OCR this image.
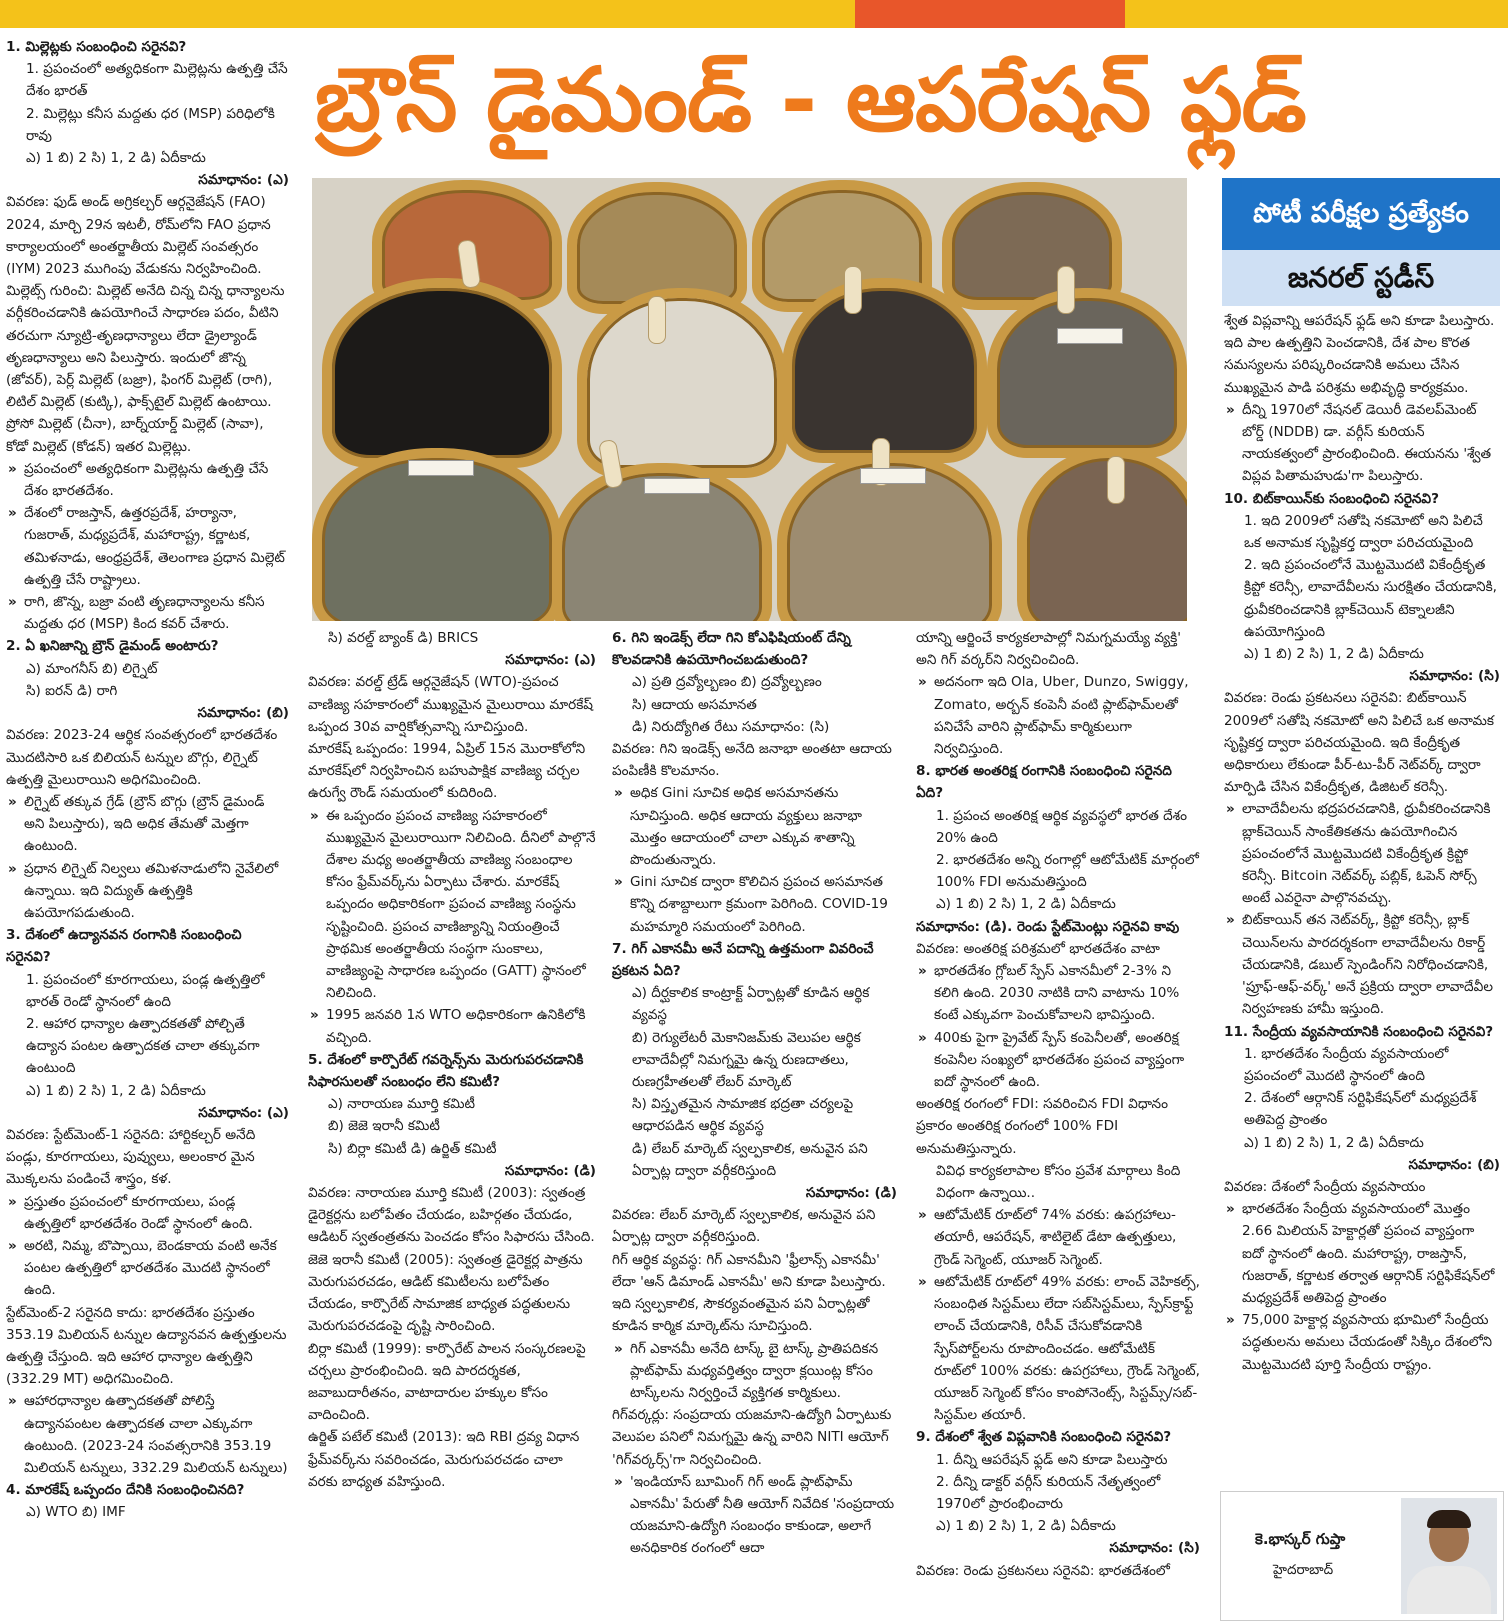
బ్రౌన్ డైమండ్ - ఆపరేషన్ ఫ్లడ్

1. మిల్లెట్లకు సంబంధించి సరైనవి?

1. ప్రపంచంలో అత్యధికంగా మిల్లెట్లను ఉత్పత్తి చేసే దేశం భారత్

2. మిల్లెట్లు కనీస మద్దతు ధర (MSP) పరిధిలోకి రావు

ఎ) 1 బి) 2 సి) 1, 2 డి) ఏదీకాదు

సమాధానం: (ఎ)

వివరణ: ఫుడ్ అండ్ అగ్రికల్చర్ ఆర్గనైజేషన్ (FAO) 2024, మార్చి 29న ఇటలీ, రోమ్‌లోని FAO ప్రధాన కార్యాలయంలో అంతర్జాతీయ మిల్లెట్ సంవత్సరం (IYM) 2023 ముగింపు వేడుకను నిర్వహించింది.

మిల్లెట్స్ గురించి: మిల్లెట్ అనేది చిన్న చిన్న ధాన్యాలను వర్గీకరించడానికి ఉపయోగించే సాధారణ పదం, వీటిని తరచుగా న్యూట్రి-తృణధాన్యాలు లేదా డ్రైల్యాండ్ తృణధాన్యాలు అని పిలుస్తారు. ఇందులో జొన్న (జోవర్), పెర్ల్ మిల్లెట్ (బజ్రా), ఫింగర్ మిల్లెట్ (రాగి), లిటిల్ మిల్లెట్ (కుట్కి), ఫాక్స్‌టైల్ మిల్లెట్ ఉంటాయి. ప్రోసో మిల్లెట్ (చీనా), బార్న్‌యార్డ్ మిల్లెట్ (సావా), కోడో మిల్లెట్ (కోడన్) ఇతర మిల్లెట్లు.

» ప్రపంచంలో అత్యధికంగా మిల్లెట్లను ఉత్పత్తి చేసే దేశం భారతదేశం.

» దేశంలో రాజస్తాన్, ఉత్తరప్రదేశ్, హర్యానా, గుజరాత్, మధ్యప్రదేశ్, మహారాష్ట్ర, కర్ణాటక, తమిళనాడు, ఆంధ్రప్రదేశ్, తెలంగాణ ప్రధాన మిల్లెట్ ఉత్పత్తి చేసే రాష్ట్రాలు.

» రాగి, జొన్న, బజ్రా వంటి తృణధాన్యాలను కనీస మద్దతు ధర (MSP) కింద కవర్ చేశారు.

2. ఏ ఖనిజాన్ని బ్రౌన్ డైమండ్ అంటారు?

ఎ) మాంగనీస్ బి) లిగ్నైట్

సి) ఐరన్ డి) రాగి

సమాధానం: (బి)

వివరణ: 2023-24 ఆర్థిక సంవత్సరంలో భారతదేశం మొదటిసారి ఒక బిలియన్ టన్నుల బొగ్గు, లిగ్నైట్ ఉత్పత్తి మైలురాయిని అధిగమించింది.

» లిగ్నైట్ తక్కువ గ్రేడ్ (బ్రౌన్ బొగ్గు (బ్రౌన్ డైమండ్ అని పిలుస్తారు), ఇది అధిక తేమతో మెత్తగా ఉంటుంది.

» ప్రధాన లిగ్నైట్ నిల్వలు తమిళనాడులోని నైవేలిలో ఉన్నాయి. ఇది విద్యుత్ ఉత్పత్తికి ఉపయోగపడుతుంది.

3. దేశంలో ఉద్యానవన రంగానికి సంబంధించి సరైనవి?

1. ప్రపంచంలో కూరగాయలు, పండ్ల ఉత్పత్తిలో భారత్ రెండో స్థానంలో ఉంది

2. ఆహార ధాన్యాల ఉత్పాదకతతో పోల్చితే ఉద్యాన పంటల ఉత్పాదకత చాలా తక్కువగా ఉంటుంది

ఎ) 1 బి) 2 సి) 1, 2 డి) ఏదీకాదు

సమాధానం: (ఎ)

వివరణ: స్టేట్‌మెంట్-1 సరైనది: హార్టికల్చర్ అనేది పండ్లు, కూరగాయలు, పువ్వులు, అలంకార మైన మొక్కలను పండించే శాస్త్రం, కళ.

» ప్రస్తుతం ప్రపంచంలో కూరగాయలు, పండ్ల ఉత్పత్తిలో భారతదేశం రెండో స్థానంలో ఉంది.

» అరటి, నిమ్మ, బొప్పాయి, బెండకాయ వంటి అనేక పంటల ఉత్పత్తిలో భారతదేశం మొదటి స్థానంలో ఉంది.

స్టేట్‌మెంట్-2 సరైనది కాదు: భారతదేశం ప్రస్తుతం 353.19 మిలియన్ టన్నుల ఉద్యానవన ఉత్పత్తులను ఉత్పత్తి చేస్తుంది. ఇది ఆహార ధాన్యాల ఉత్పత్తిని (332.29 MT) అధిగమించింది.

» ఆహారధాన్యాల ఉత్పాదకతతో పోలిస్తే ఉద్యానపంటల ఉత్పాదకత చాలా ఎక్కువగా ఉంటుంది. (2023-24 సంవత్సరానికి 353.19 మిలియన్ టన్నులు, 332.29 మిలియన్ టన్నులు)

4. మారకేష్ ఒప్పందం దేనికి సంబంధించినది?

ఎ) WTO బి) IMF

సి) వరల్డ్ బ్యాంక్ డి) BRICS

సమాధానం: (ఎ)

వివరణ: వరల్డ్ ట్రేడ్ ఆర్గనైజేషన్ (WTO)-ప్రపంచ వాణిజ్య సహకారంలో ముఖ్యమైన మైలురాయి మారకేష్ ఒప్పంద 30వ వార్షికోత్సవాన్ని సూచిస్తుంది.

మారకేష్ ఒప్పందం: 1994, ఏప్రిల్ 15న మొరాకోలోని మారకేష్‌లో నిర్వహించిన బహుపాక్షిక వాణిజ్య చర్చల ఉరుగ్వే రౌండ్ సమయంలో కుదిరింది.

» ఈ ఒప్పందం ప్రపంచ వాణిజ్య సహకారంలో ముఖ్యమైన మైలురాయిగా నిలిచింది. దీనిలో పాల్గొనే దేశాల మధ్య అంతర్జాతీయ వాణిజ్య సంబంధాల కోసం ఫ్రేమ్‌వర్క్‌ను ఏర్పాటు చేశారు. మారకేష్ ఒప్పందం అధికారికంగా ప్రపంచ వాణిజ్య సంస్థను సృష్టించింది. ప్రపంచ వాణిజ్యాన్ని నియంత్రించే ప్రాథమిక అంతర్జాతీయ సంస్థగా సుంకాలు, వాణిజ్యంపై సాధారణ ఒప్పందం (GATT) స్థానంలో నిలిచింది.

» 1995 జనవరి 1న WTO అధికారికంగా ఉనికిలోకి వచ్చింది.

5. దేశంలో కార్పొరేట్ గవర్నెన్స్‌ను మెరుగుపరచడానికి సిఫారసులతో సంబంధం లేని కమిటీ?

ఎ) నారాయణ మూర్తి కమిటీ

బి) జెజె ఇరానీ కమిటీ

సి) బిర్లా కమిటీ డి) ఉర్జిత్ కమిటీ

సమాధానం: (డి)

వివరణ: నారాయణ మూర్తి కమిటీ (2003): స్వతంత్ర డైరెక్టర్లను బలోపేతం చేయడం, బహిర్గతం చేయడం, ఆడిటర్ స్వతంత్రతను పెంచడం కోసం సిఫారసు చేసింది.

జెజె ఇరానీ కమిటీ (2005): స్వతంత్ర డైరెక్టర్ల పాత్రను మెరుగుపరచడం, ఆడిట్ కమిటీలను బలోపేతం చేయడం, కార్పొరేట్ సామాజిక బాధ్యత పద్ధతులను మెరుగుపరచడంపై దృష్టి సారించింది.

బిర్లా కమిటీ (1999): కార్పొరేట్ పాలన సంస్కరణలపై చర్చలు ప్రారంభించింది. ఇది పారదర్శకత, జవాబుదారీతనం, వాటాదారుల హక్కుల కోసం వాదించింది.

ఉర్జిత్ పటేల్ కమిటీ (2013): ఇది RBI ద్రవ్య విధాన ఫ్రేమ్‌వర్క్‌ను సవరించడం, మెరుగుపరచడం చాలా వరకు బాధ్యత వహిస్తుంది.

6. గిని ఇండెక్స్ లేదా గిని కోఎఫిషియంట్ దేన్ని కొలవడానికి ఉపయోగించబడుతుంది?

ఎ) ప్రతి ద్రవ్యోల్బణం బి) ద్రవ్యోల్బణం

సి) ఆదాయ అసమానత

డి) నిరుద్యోగిత రేటు సమాధానం: (సి)

వివరణ: గిని ఇండెక్స్ అనేది జనాభా అంతటా ఆదాయ పంపిణీకి కొలమానం.

» అధిక Gini సూచిక అధిక అసమానతను సూచిస్తుంది. అధిక ఆదాయ వ్యక్తులు జనాభా మొత్తం ఆదాయంలో చాలా ఎక్కువ శాతాన్ని పొందుతున్నారు.

» Gini సూచిక ద్వారా కొలిచిన ప్రపంచ అసమానత కొన్ని దశాబ్దాలుగా క్రమంగా పెరిగింది. COVID-19 మహమ్మారి సమయంలో పెరిగింది.

7. గిగ్ ఎకానమీ అనే పదాన్ని ఉత్తమంగా వివరించే ప్రకటన ఏది?

ఎ) దీర్ఘకాలిక కాంట్రాక్ట్ ఏర్పాట్లతో కూడిన ఆర్థిక వ్యవస్థ

బి) రెగ్యులేటరీ మెకానిజమ్‌కు వెలుపల ఆర్థిక లావాదేవీల్లో నిమగ్నమై ఉన్న రుణదాతలు, రుణగ్రహీతలతో లేబర్ మార్కెట్

సి) విస్తృతమైన సామాజిక భద్రతా చర్యలపై ఆధారపడిన ఆర్థిక వ్యవస్థ

డి) లేబర్ మార్కెట్ స్వల్పకాలిక, అనువైన పని ఏర్పాట్ల ద్వారా వర్గీకరిస్తుంది

సమాధానం: (డి)

వివరణ: లేబర్ మార్కెట్ స్వల్పకాలిక, అనువైన పని ఏర్పాట్ల ద్వారా వర్గీకరిస్తుంది.

గిగ్ ఆర్థిక వ్యవస్థ: గిగ్ ఎకానమీని 'ఫ్రీలాన్స్ ఎకానమీ' లేదా 'ఆన్ డిమాండ్ ఎకానమీ' అని కూడా పిలుస్తారు. ఇది స్వల్పకాలిక, సౌకర్యవంతమైన పని ఏర్పాట్లతో కూడిన కార్మిక మార్కెట్‌ను సూచిస్తుంది.

» గిగ్ ఎకానమీ అనేది టాస్క్ బై టాస్క్ ప్రాతిపదికన ప్లాట్‌ఫామ్ మధ్యవర్తిత్వం ద్వారా క్లయింట్ల కోసం టాస్క్‌లను నిర్వర్తించే వ్యక్తిగత కార్మికులు.

గిగ్‌వర్కర్లు: సంప్రదాయ యజమాని-ఉద్యోగి ఏర్పాటుకు వెలుపల పనిలో నిమగ్నమై ఉన్న వారిని NITI ఆయోగ్ 'గిగ్‌వర్కర్స్'గా నిర్వచించింది.

» 'ఇండియాస్ బూమింగ్ గిగ్ అండ్ ప్లాట్‌ఫామ్ ఎకానమీ' పేరుతో నీతి ఆయోగ్ నివేదిక 'సంప్రదాయ యజమాని-ఉద్యోగి సంబంధం కాకుండా, అలాగే అనధికారిక రంగంలో ఆదా

యాన్ని ఆర్జించే కార్యకలాపాల్లో నిమగ్నమయ్యే వ్యక్తి' అని గిగ్ వర్కర్‌ని నిర్వచించింది.

» అదనంగా ఇది Ola, Uber, Dunzo, Swiggy, Zomato, అర్బన్ కంపెనీ వంటి ప్లాట్‌ఫామ్‌లతో పనిచేసే వారిని ప్లాట్‌ఫామ్ కార్మికులుగా నిర్వచిస్తుంది.

8. భారత అంతరిక్ష రంగానికి సంబంధించి సరైనది ఏది?

1. ప్రపంచ అంతరిక్ష ఆర్థిక వ్యవస్థలో భారత దేశం 20% ఉంది

2. భారతదేశం అన్ని రంగాల్లో ఆటోమేటిక్ మార్గంలో 100% FDI అనుమతిస్తుంది

ఎ) 1 బి) 2 సి) 1, 2 డి) ఏదీకాదు

సమాధానం: (డి). రెండు స్టేట్‌మెంట్లు సరైనవి కావు

వివరణ: అంతరిక్ష పరిశ్రమలో భారతదేశం వాటా

» భారతదేశం గ్లోబల్ స్పేస్ ఎకానమీలో 2-3% ని కలిగి ఉంది. 2030 నాటికి దాని వాటాను 10% కంటే ఎక్కువగా పెంచుకోవాలని భావిస్తుంది.

» 400కు పైగా ప్రైవేట్ స్పేస్ కంపెనీలతో, అంతరిక్ష కంపెనీల సంఖ్యలో భారతదేశం ప్రపంచ వ్యాప్తంగా ఐదో స్థానంలో ఉంది.

అంతరిక్ష రంగంలో FDI: సవరించిన FDI విధానం ప్రకారం అంతరిక్ష రంగంలో 100% FDI అనుమతిస్తున్నారు.

వివిధ కార్యకలాపాల కోసం ప్రవేశ మార్గాలు కింది విధంగా ఉన్నాయి..

» ఆటోమేటిక్ రూట్‌లో 74% వరకు: ఉపగ్రహాలు-తయారీ, ఆపరేషన్, శాటిలైట్ డేటా ఉత్పత్తులు, గ్రౌండ్ సెగ్మెంట్, యూజర్ సెగ్మెంట్.

» ఆటోమేటిక్ రూట్‌లో 49% వరకు: లాంచ్ వెహికల్స్, సంబంధిత సిస్టమ్‌లు లేదా సబ్‌సిస్టమ్‌లు, స్పేస్‌క్రాఫ్ట్ లాంచ్ చేయడానికి, రిసీవ్ చేసుకోవడానికి స్పేస్‌పోర్ట్‌లను రూపొందించడం. ఆటోమేటిక్ రూట్‌లో 100% వరకు: ఉపగ్రహాలు, గ్రౌండ్ సెగ్మెంట్, యూజర్ సెగ్మెంట్ కోసం కాంపోనెంట్స్, సిస్టమ్స్/సబ్-సిస్టమ్‌ల తయారీ.

9. దేశంలో శ్వేత విప్లవానికి సంబంధించి సరైనవి?

1. దీన్ని ఆపరేషన్ ఫ్లడ్ అని కూడా పిలుస్తారు

2. దీన్ని డాక్టర్ వర్గీస్ కురియన్ నేతృత్వంలో 1970లో ప్రారంభించారు

ఎ) 1 బి) 2 సి) 1, 2 డి) ఏదీకాదు

సమాధానం: (సి)

వివరణ: రెండు ప్రకటనలు సరైనవి: భారతదేశంలో

పోటీ పరీక్షల ప్రత్యేకం
జనరల్ స్టడీస్

శ్వేత విప్లవాన్ని ఆపరేషన్ ఫ్లడ్ అని కూడా పిలుస్తారు. ఇది పాల ఉత్పత్తిని పెంచడానికి, దేశ పాల కొరత సమస్యలను పరిష్కరించడానికి అమలు చేసిన ముఖ్యమైన పాడి పరిశ్రమ అభివృద్ధి కార్యక్రమం.

» దీన్ని 1970లో నేషనల్ డెయిరీ డెవలప్‌మెంట్ బోర్డ్ (NDDB) డా. వర్గీస్ కురియన్ నాయకత్వంలో ప్రారంభించింది. ఈయనను 'శ్వేత విప్లవ పితామహుడు'గా పిలుస్తారు.

10. బిట్‌కాయిన్‌కు సంబంధించి సరైనవి?

1. ఇది 2009లో సతోషి నకమోటో అని పిలిచే ఒక అనామక సృష్టికర్త ద్వారా పరిచయమైంది

2. ఇది ప్రపంచంలోనే మొట్టమొదటి వికేంద్రీకృత క్రిప్టో కరెన్సీ, లావాదేవీలను సురక్షితం చేయడానికి, ధ్రువీకరించడానికి బ్లాక్‌చెయిన్ టెక్నాలజీని ఉపయోగిస్తుంది

ఎ) 1 బి) 2 సి) 1, 2 డి) ఏదీకాదు

సమాధానం: (సి)

వివరణ: రెండు ప్రకటనలు సరైనవి: బిట్‌కాయిన్ 2009లో సతోషి నకమోటో అని పిలిచే ఒక అనామక సృష్టికర్త ద్వారా పరిచయమైంది. ఇది కేంద్రీకృత అధికారులు లేకుండా పీర్-టు-పీర్ నెట్‌వర్క్ ద్వారా మార్పిడి చేసిన వికేంద్రీకృత, డిజిటల్ కరెన్సీ.

» లావాదేవీలను భద్రపరచడానికి, ధ్రువీకరించడానికి బ్లాక్‌చెయిన్ సాంకేతికతను ఉపయోగించిన ప్రపంచంలోనే మొట్టమొదటి వికేంద్రీకృత క్రిప్టో కరెన్సీ. Bitcoin నెట్‌వర్క్ పబ్లిక్, ఓపెన్ సోర్స్ అంటే ఎవరైనా పాల్గొనవచ్చు.

» బిట్‌కాయిన్ తన నెట్‌వర్క్, క్రిప్టో కరెన్సీ, బ్లాక్ చెయిన్‌లను పారదర్శకంగా లావాదేవీలను రికార్డ్ చేయడానికి, డబుల్ స్పెండింగ్‌ని నిరోధించడానికి, 'ప్రూఫ్-ఆఫ్-వర్క్' అనే ప్రక్రియ ద్వారా లావాదేవీల నిర్వహణకు హామీ ఇస్తుంది.

11. సేంద్రీయ వ్యవసాయానికి సంబంధించి సరైనవి?

1. భారతదేశం సేంద్రీయ వ్యవసాయంలో ప్రపంచంలో మొదటి స్థానంలో ఉంది

2. దేశంలో ఆర్గానిక్ సర్టిఫికేషన్‌లో మధ్యప్రదేశ్ అతిపెద్ద ప్రాంతం

ఎ) 1 బి) 2 సి) 1, 2 డి) ఏదీకాదు

సమాధానం: (బి)

వివరణ: దేశంలో సేంద్రీయ వ్యవసాయం

» భారతదేశం సేంద్రీయ వ్యవసాయంలో మొత్తం 2.66 మిలియన్ హెక్టార్లతో ప్రపంచ వ్యాప్తంగా ఐదో స్థానంలో ఉంది. మహారాష్ట్ర, రాజస్తాన్, గుజరాత్, కర్ణాటక తర్వాత ఆర్గానిక్ సర్టిఫికేషన్‌లో మధ్యప్రదేశ్ అతిపెద్ద ప్రాంతం

» 75,000 హెక్టార్ల వ్యవసాయ భూమిలో సేంద్రీయ పద్ధతులను అమలు చేయడంతో సిక్కిం దేశంలోని మొట్టమొదటి పూర్తి సేంద్రీయ రాష్ట్రం.

కె.భాస్కర్ గుప్తా
హైదరాబాద్
